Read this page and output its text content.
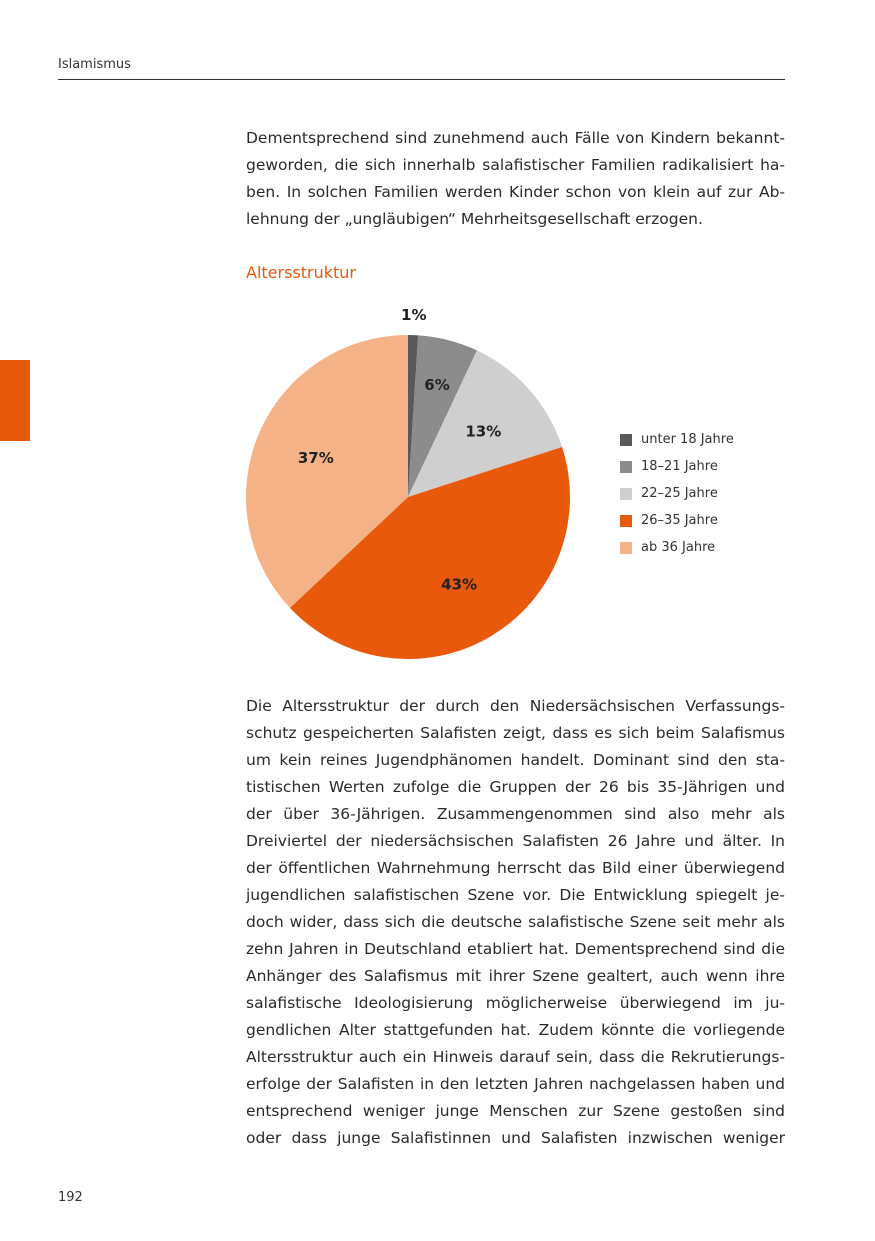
Islamismus
Dementsprechend sind zunehmend auch Fälle von Kindern bekannt-
geworden, die sich innerhalb salafistischer Familien radikalisiert ha-
ben. In solchen Familien werden Kinder schon von klein auf zur Ab-
lehnung der „ungläubigen“ Mehrheitsgesellschaft erzogen.
Altersstruktur
1%
6%
13%
43%
37%
unter 18 Jahre
18–21 Jahre
22–25 Jahre
26–35 Jahre
ab 36 Jahre
Die Altersstruktur der durch den Niedersächsischen Verfassungs-
schutz gespeicherten Salafisten zeigt, dass es sich beim Salafismus
um kein reines Jugendphänomen handelt. Dominant sind den sta-
tistischen Werten zufolge die Gruppen der 26 bis 35-Jährigen und
der über 36-Jährigen. Zusammengenommen sind also mehr als
Dreiviertel der niedersächsischen Salafisten 26 Jahre und älter. In
der öffentlichen Wahrnehmung herrscht das Bild einer überwiegend
jugendlichen salafistischen Szene vor. Die Entwicklung spiegelt je-
doch wider, dass sich die deutsche salafistische Szene seit mehr als
zehn Jahren in Deutschland etabliert hat. Dementsprechend sind die
Anhänger des Salafismus mit ihrer Szene gealtert, auch wenn ihre
salafistische Ideologisierung möglicherweise überwiegend im ju-
gendlichen Alter stattgefunden hat. Zudem könnte die vorliegende
Altersstruktur auch ein Hinweis darauf sein, dass die Rekrutierungs-
erfolge der Salafisten in den letzten Jahren nachgelassen haben und
entsprechend weniger junge Menschen zur Szene gestoßen sind
oder dass junge Salafistinnen und Salafisten inzwischen weniger
192
